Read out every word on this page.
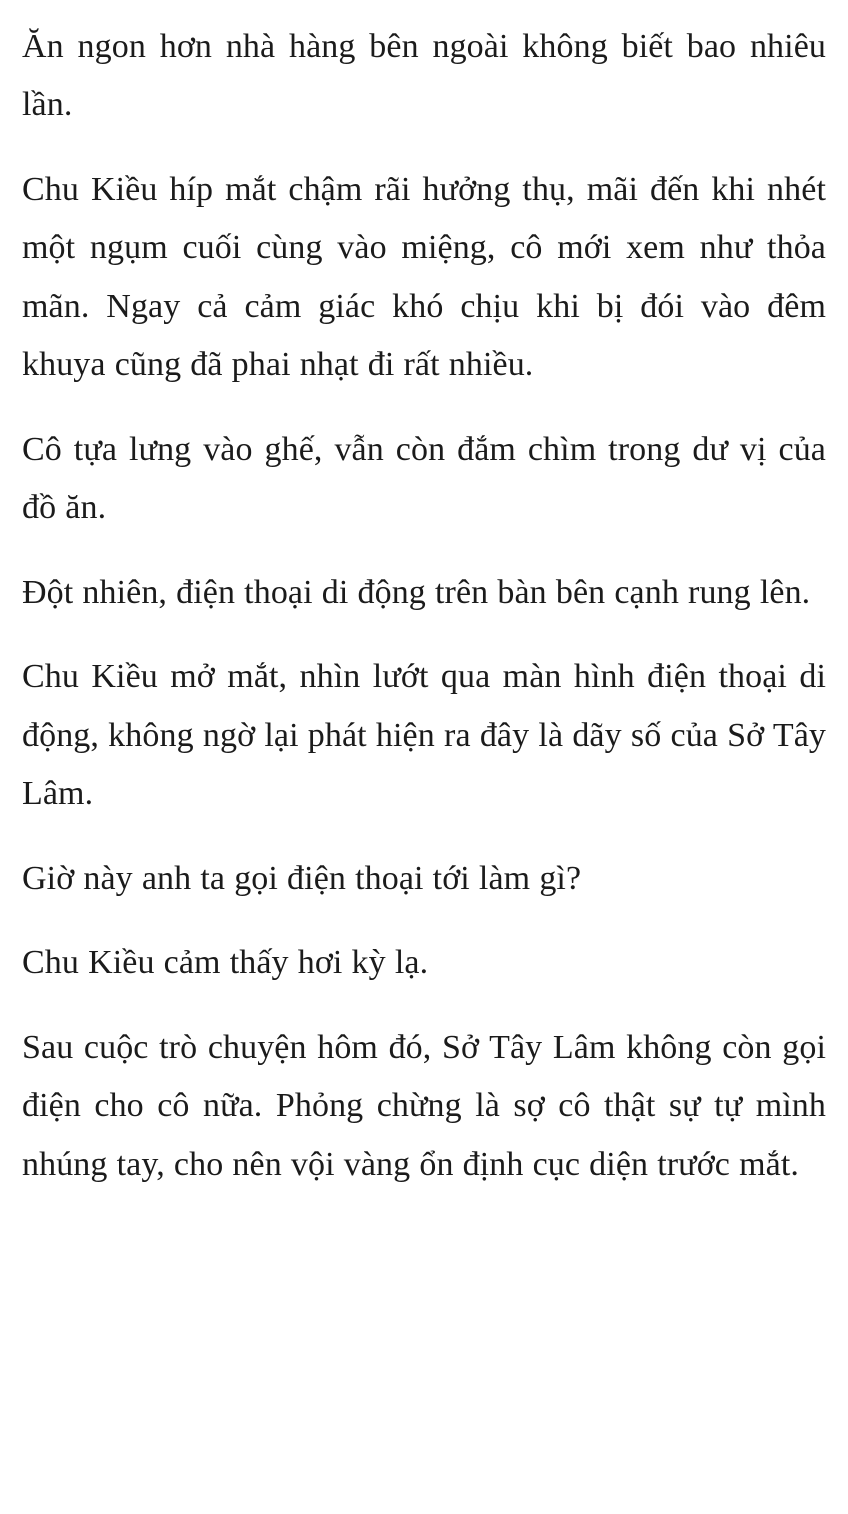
Ăn ngon hơn nhà hàng bên ngoài không biết bao nhiêu lần.

Chu Kiều híp mắt chậm rãi hưởng thụ, mãi đến khi nhét một ngụm cuối cùng vào miệng, cô mới xem như thỏa mãn. Ngay cả cảm giác khó chịu khi bị đói vào đêm khuya cũng đã phai nhạt đi rất nhiều.

Cô tựa lưng vào ghế, vẫn còn đắm chìm trong dư vị của đồ ăn.

Đột nhiên, điện thoại di động trên bàn bên cạnh rung lên.

Chu Kiều mở mắt, nhìn lướt qua màn hình điện thoại di động, không ngờ lại phát hiện ra đây là dãy số của Sở Tây Lâm.

Giờ này anh ta gọi điện thoại tới làm gì?

Chu Kiều cảm thấy hơi kỳ lạ.

Sau cuộc trò chuyện hôm đó, Sở Tây Lâm không còn gọi điện cho cô nữa. Phỏng chừng là sợ cô thật sự tự mình nhúng tay, cho nên vội vàng ổn định cục diện trước mắt.
